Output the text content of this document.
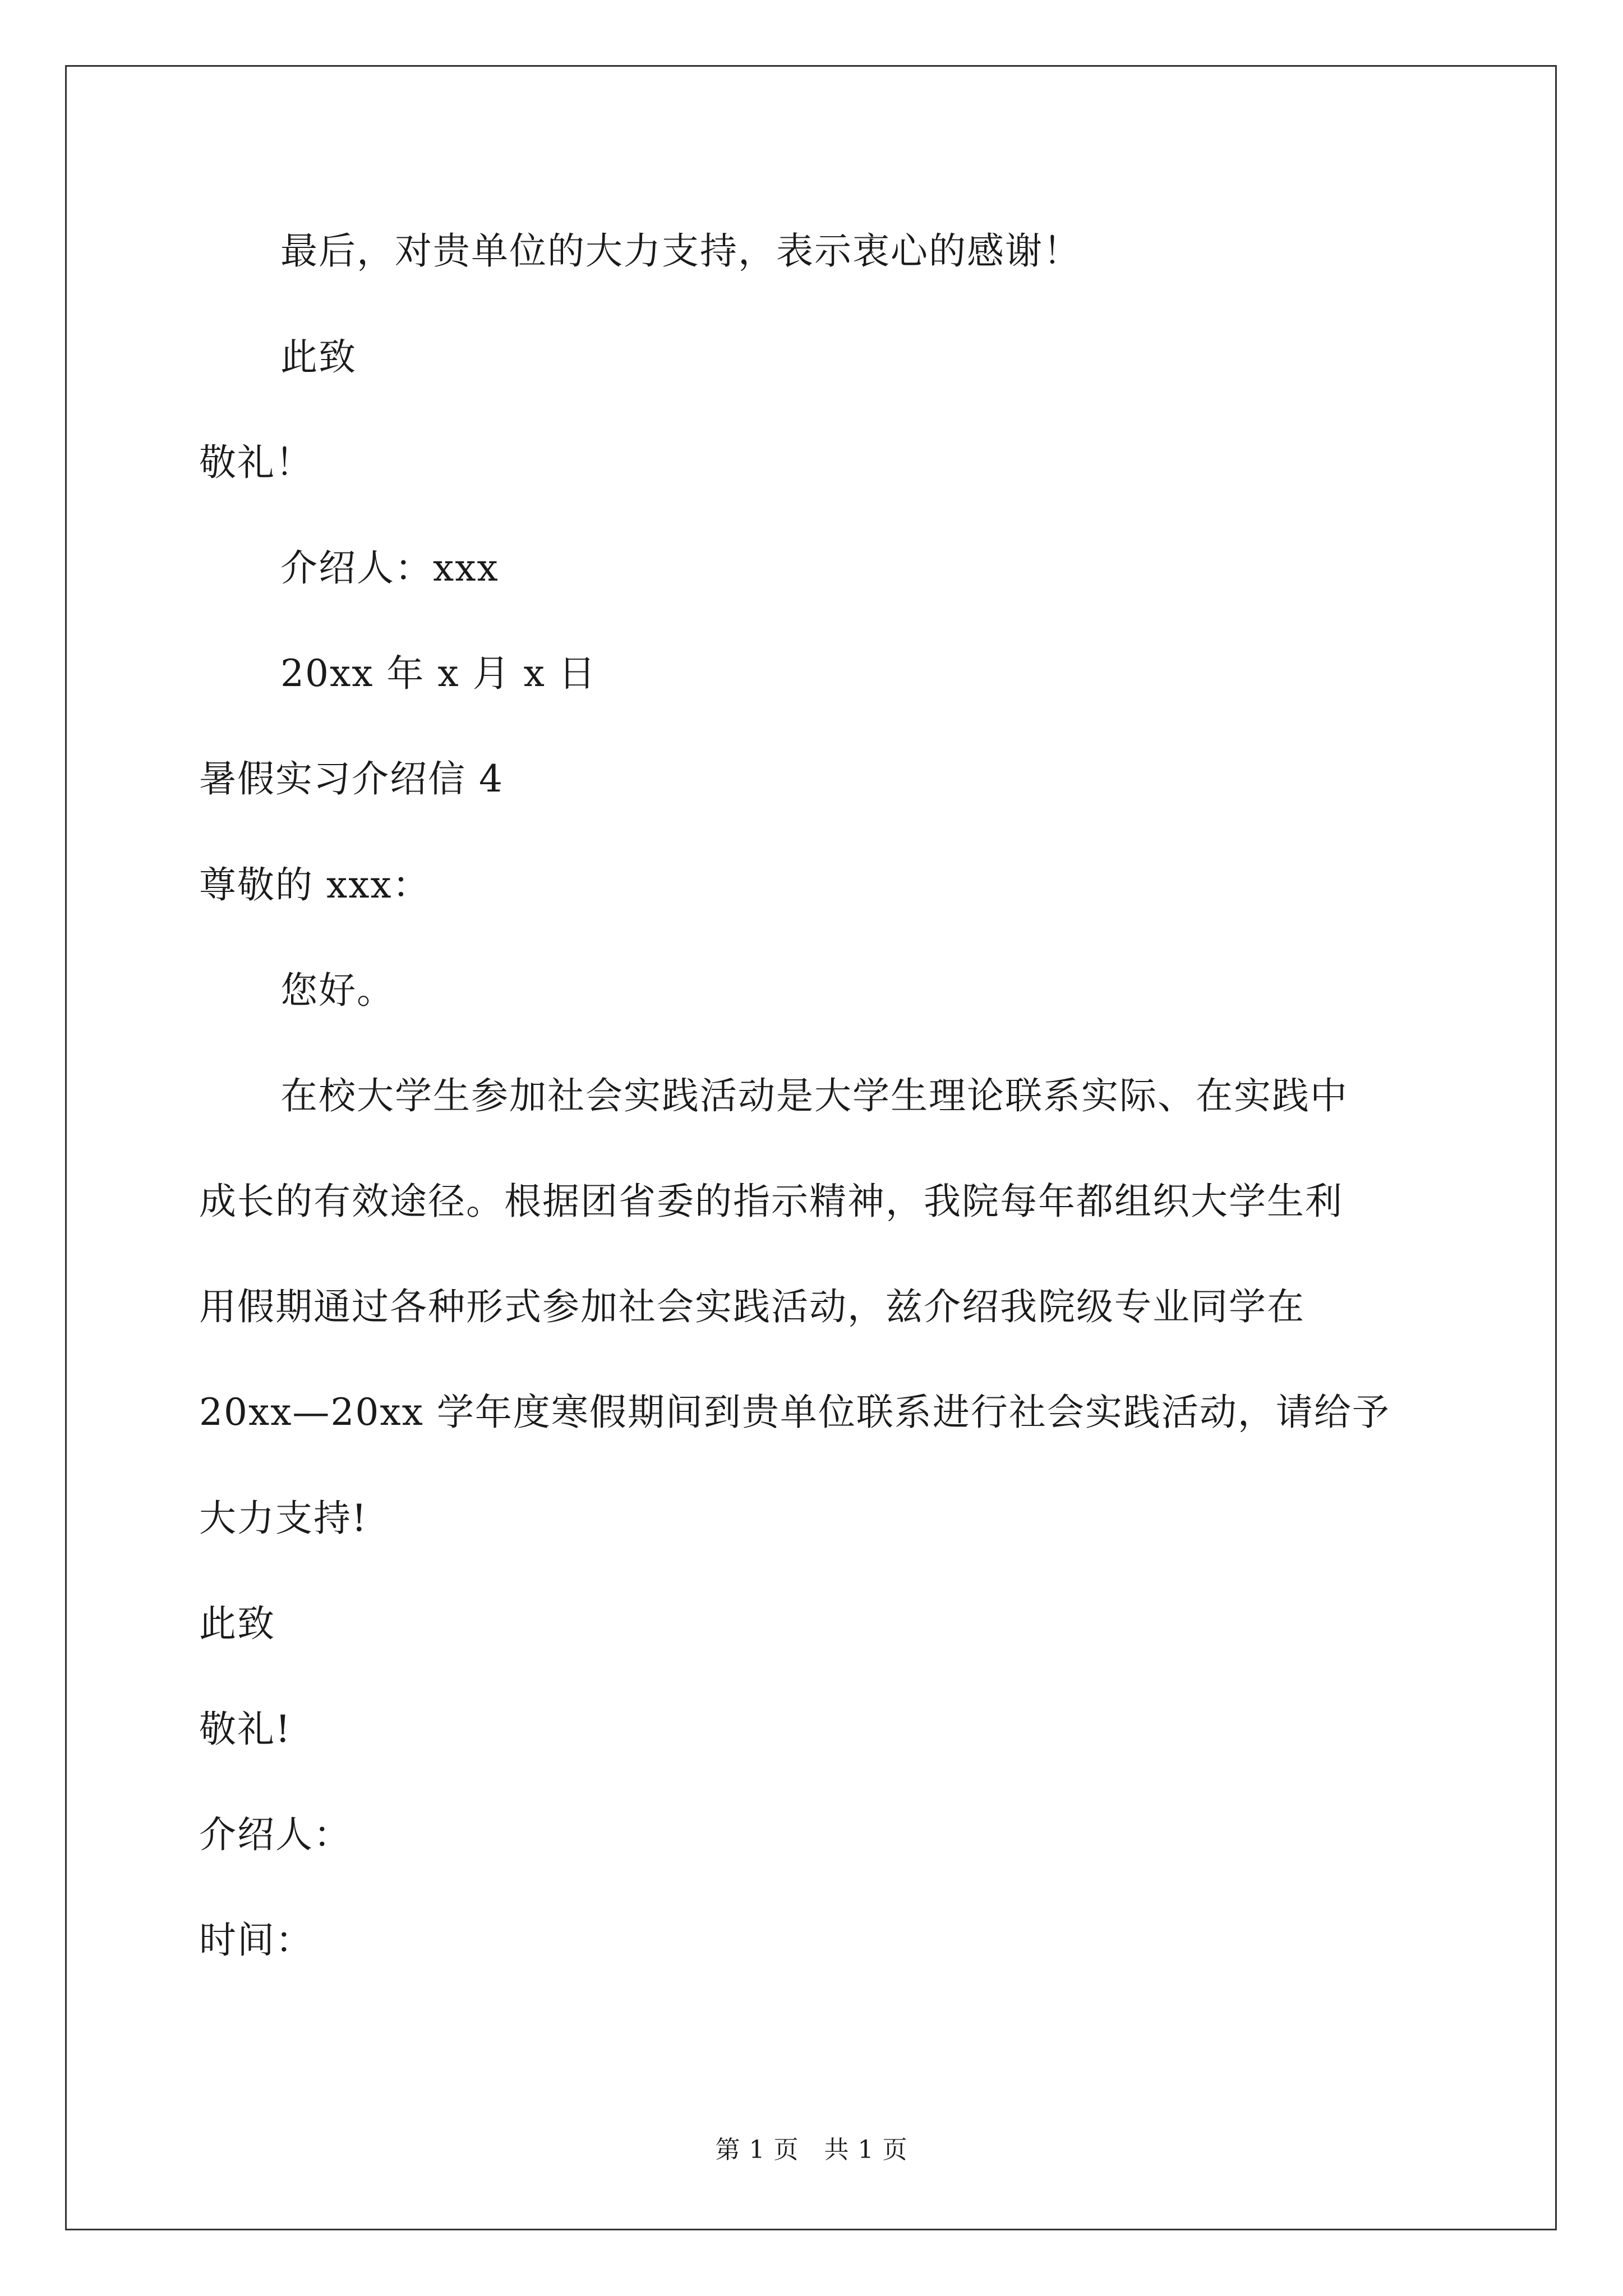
最后，对贵单位的大力支持，表示衷心的感谢！
此致
敬礼！
介绍人：xxx
20xx 年 x 月 x 日
暑假实习介绍信 4
尊敬的 xxx：
您好。
在校大学生参加社会实践活动是大学生理论联系实际、在实践中
成长的有效途径。根据团省委的指示精神，我院每年都组织大学生利
用假期通过各种形式参加社会实践活动，兹介绍我院级专业同学在
20xx—20xx 学年度寒假期间到贵单位联系进行社会实践活动，请给予
大力支持!
此致
敬礼!
介绍人：
时间：
第 1 页　共 1 页
